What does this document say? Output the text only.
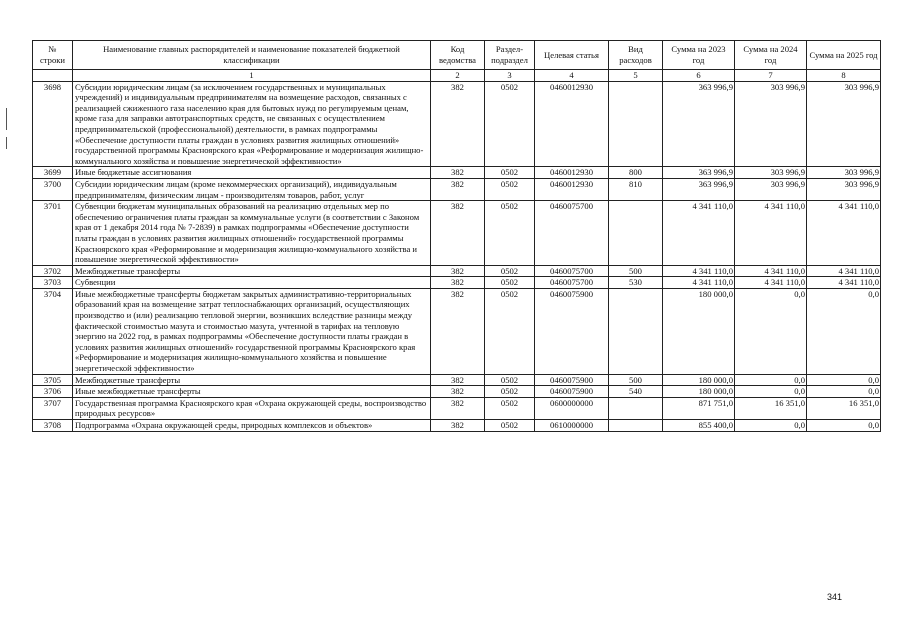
№ строки	Наименование главных распорядителей и наименование показателей бюджетной классификации	Код ведомства	Раздел-подраздел	Целевая статья	Вид расходов	Сумма на 2023 год	Сумма на 2024 год	Сумма на 2025 год
	1	2	3	4	5	6	7	8
3698	Субсидии юридическим лицам (за исключением государственных и муниципальных учреждений) и индивидуальным предпринимателям на возмещение расходов, связанных с реализацией сжиженного газа населению края для бытовых нужд по регулируемым ценам, кроме газа для заправки автотранспортных средств, не связанных с осуществлением предпринимательской (профессиональной) деятельности, в рамках подпрограммы «Обеспечение доступности платы граждан в условиях развития жилищных отношений» государственной программы Красноярского края «Реформирование и модернизация жилищно-коммунального хозяйства и повышение энергетической эффективности»	382	0502	0460012930		363 996,9	303 996,9	303 996,9
3699	Иные бюджетные ассигнования	382	0502	0460012930	800	363 996,9	303 996,9	303 996,9
3700	Субсидии юридическим лицам (кроме некоммерческих организаций), индивидуальным предпринимателям, физическим лицам - производителям товаров, работ, услуг	382	0502	0460012930	810	363 996,9	303 996,9	303 996,9
3701	Субвенции бюджетам муниципальных образований на реализацию отдельных мер по обеспечению ограничения платы граждан за коммунальные услуги (в соответствии с Законом края от 1 декабря 2014 года № 7-2839) в рамках подпрограммы «Обеспечение доступности платы граждан в условиях развития жилищных отношений» государственной программы Красноярского края «Реформирование и модернизация жилищно-коммунального хозяйства и повышение энергетической эффективности»	382	0502	0460075700		4 341 110,0	4 341 110,0	4 341 110,0
3702	Межбюджетные трансферты	382	0502	0460075700	500	4 341 110,0	4 341 110,0	4 341 110,0
3703	Субвенции	382	0502	0460075700	530	4 341 110,0	4 341 110,0	4 341 110,0
3704	Иные межбюджетные трансферты бюджетам закрытых административно-территориальных образований края на возмещение затрат теплоснабжающих организаций, осуществляющих производство и (или) реализацию тепловой энергии, возникших вследствие разницы между фактической стоимостью мазута и стоимостью мазута, учтенной в тарифах на тепловую энергию на 2022 год, в рамках подпрограммы «Обеспечение доступности платы граждан в условиях развития жилищных отношений» государственной программы Красноярского края «Реформирование и модернизация жилищно-коммунального хозяйства и повышение энергетической эффективности»	382	0502	0460075900		180 000,0	0,0	0,0
3705	Межбюджетные трансферты	382	0502	0460075900	500	180 000,0	0,0	0,0
3706	Иные межбюджетные трансферты	382	0502	0460075900	540	180 000,0	0,0	0,0
3707	Государственная программа Красноярского края «Охрана окружающей среды, воспроизводство природных ресурсов»	382	0502	0600000000		871 751,0	16 351,0	16 351,0
3708	Подпрограмма «Охрана окружающей среды, природных комплексов и объектов»	382	0502	0610000000		855 400,0	0,0	0,0
341
